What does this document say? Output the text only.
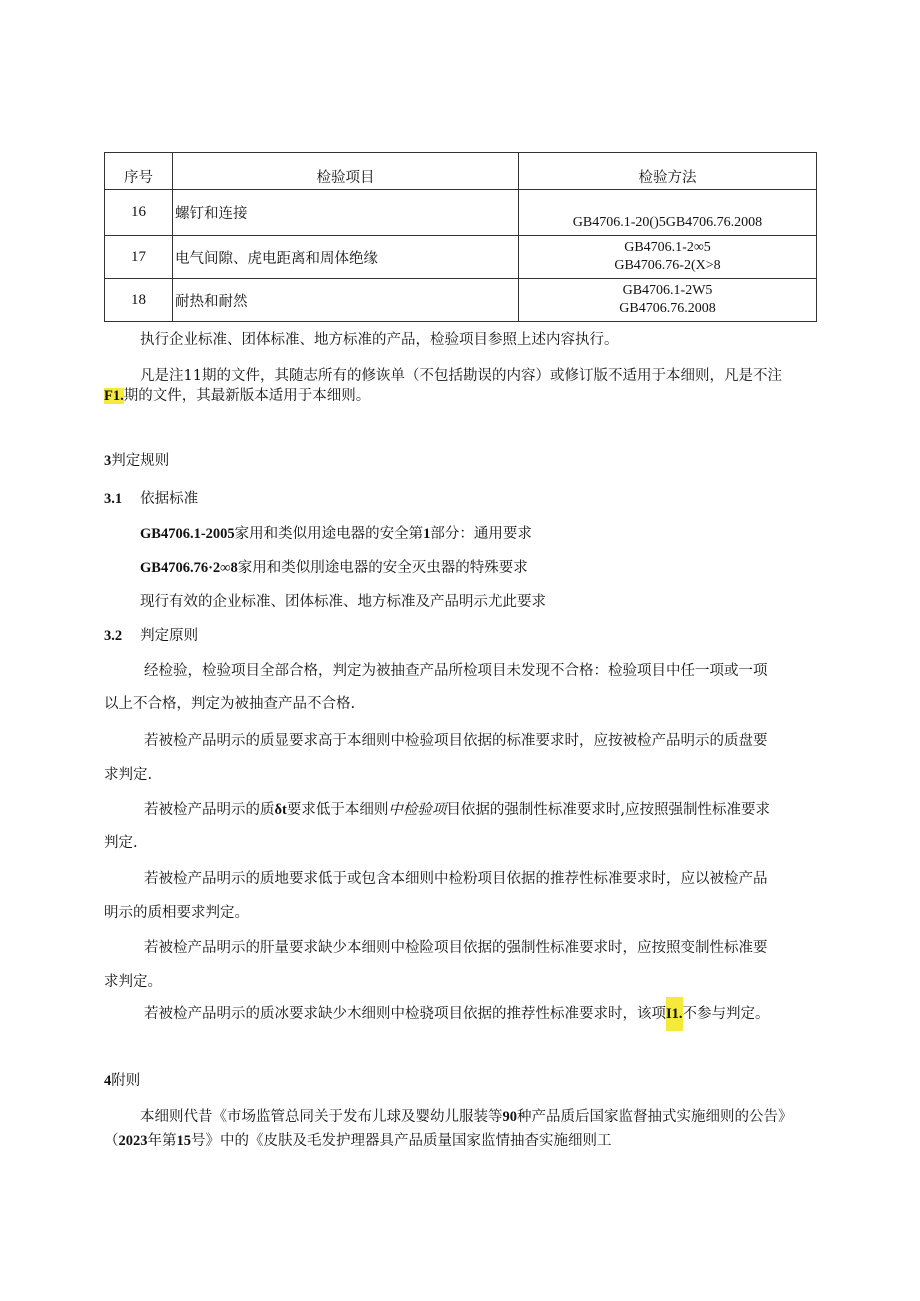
序号	检验项目	检验方法
16	螺钉和连接	GB4706.1-20()5GB4706.76.2008
17	电气间隙、虎电距离和周体绝缘	GB4706.1-2∞5
GB4706.76-2(X>8

18	耐热和耐然	GB4706.1-2W5
GB4706.76.2008
执行企业标准、团体标准、地方标准的产品，检验项目参照上述内容执行。
凡是注11期的文件，其随志所有的修诙单（不包括勘误的内容）或修订版不适用于本细则，凡是不注
F1.期的文件，其最新版本适用于本细则。
3判定规则
3.1 依据标准
GB4706.1-2005家用和类似用途电器的安全第1部分：通用要求
GB4706.76·2∞8家用和类似刖途电器的安全灭虫器的特殊要求
现行有效的企业标准、团体标准、地方标准及产品明示尤此要求
3.2 判定原则
经检验，检验项目全部合格，判定为被抽查产品所检项目未发现不合格：检验项目中任一项或一项
以上不合格，判定为被抽查产品不合格.
若被检产品明示的质显要求高于本细则中检验项目依据的标准要求时，应按被检产品明示的质盘要
求判定.
若被检产品明示的质δt要求低于本细则中检验项目依据的强制性标准要求时,应按照强制性标准要求
判定.
若被检产品明示的质地要求低于或包含本细则中检粉项目依据的推荐性标准要求时，应以被检产品
明示的质相要求判定。
若被检产品明示的肝量要求缺少本细则中检险项目依据的强制性标准要求时，应按照变制性标准要
求判定。
若被检产品明示的质冰要求缺少木细则中检骁项目依据的推荐性标准要求时，该项I1.不参与判定。
4附则
本细则代昔《市场监管总同关于发布儿球及婴幼儿服装等90种产品质后国家监督抽式实施细则的公告》
（2023年第15号》中的《皮肤及毛发护理器具产品质量国家监情抽杳实施细则工
